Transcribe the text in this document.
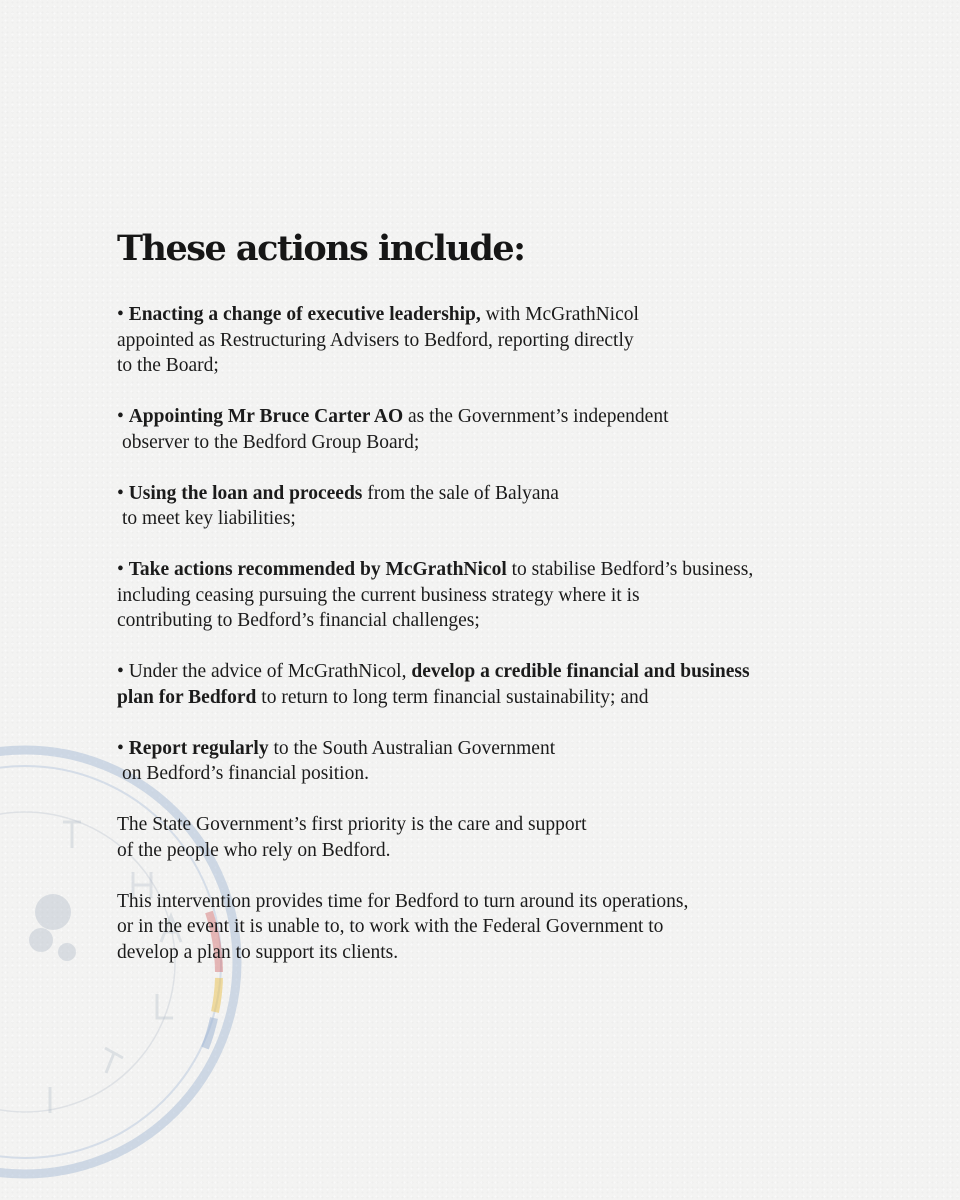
These actions include:
• Enacting a change of executive leadership, with McGrathNicol
appointed as Restructuring Advisers to Bedford, reporting directly
to the Board;
• Appointing Mr Bruce Carter AO as the Government’s independent
observer to the Bedford Group Board;
• Using the loan and proceeds from the sale of Balyana
to meet key liabilities;
• Take actions recommended by McGrathNicol to stabilise Bedford’s business,
including ceasing pursuing the current business strategy where it is
contributing to Bedford’s financial challenges;
• Under the advice of McGrathNicol, develop a credible financial and business
plan for Bedford to return to long term financial sustainability; and
• Report regularly to the South Australian Government
on Bedford’s financial position.
The State Government’s first priority is the care and support
of the people who rely on Bedford.
This intervention provides time for Bedford to turn around its operations,
or in the event it is unable to, to work with the Federal Government to
develop a plan to support its clients.
